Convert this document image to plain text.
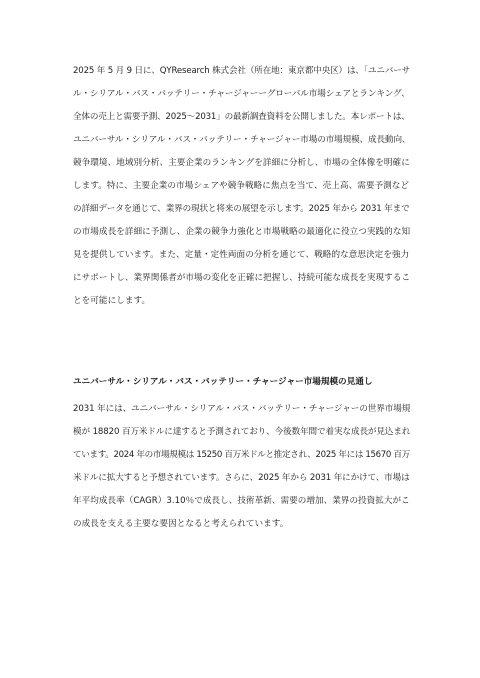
2025 年 5 月 9 日に、QYResearch 株式会社（所在地：東京都中央区）は、「ユニバーサ
ル・シリアル・バス・バッテリー・チャージャーーグローバル市場シェアとランキング、
全体の売上と需要予測、2025～2031」の最新調査資料を公開しました。本レポートは、
ユニバーサル・シリアル・バス・バッテリー・チャージャー市場の市場規模、成長動向、
競争環境、地域別分析、主要企業のランキングを詳細に分析し、市場の全体像を明確に
します。特に、主要企業の市場シェアや競争戦略に焦点を当て、売上高、需要予測など
の詳細データを通じて、業界の現状と将来の展望を示します。2025 年から 2031 年まで
の市場成長を詳細に予測し、企業の競争力強化と市場戦略の最適化に役立つ実践的な知
見を提供しています。また、定量・定性両面の分析を通じて、戦略的な意思決定を強力
にサポートし、業界関係者が市場の変化を正確に把握し、持続可能な成長を実現するこ
とを可能にします。
ユニバーサル・シリアル・バス・バッテリー・チャージャー市場規模の見通し
2031 年には、ユニバーサル・シリアル・バス・バッテリー・チャージャーの世界市場規
模が 18820 百万米ドルに達すると予測されており、今後数年間で着実な成長が見込まれ
ています。2024 年の市場規模は 15250 百万米ドルと推定され、2025 年には 15670 百万
米ドルに拡大すると予想されています。さらに、2025 年から 2031 年にかけて、市場は
年平均成長率（CAGR）3.10％で成長し、技術革新、需要の増加、業界の投資拡大がこ
の成長を支える主要な要因となると考えられています。
